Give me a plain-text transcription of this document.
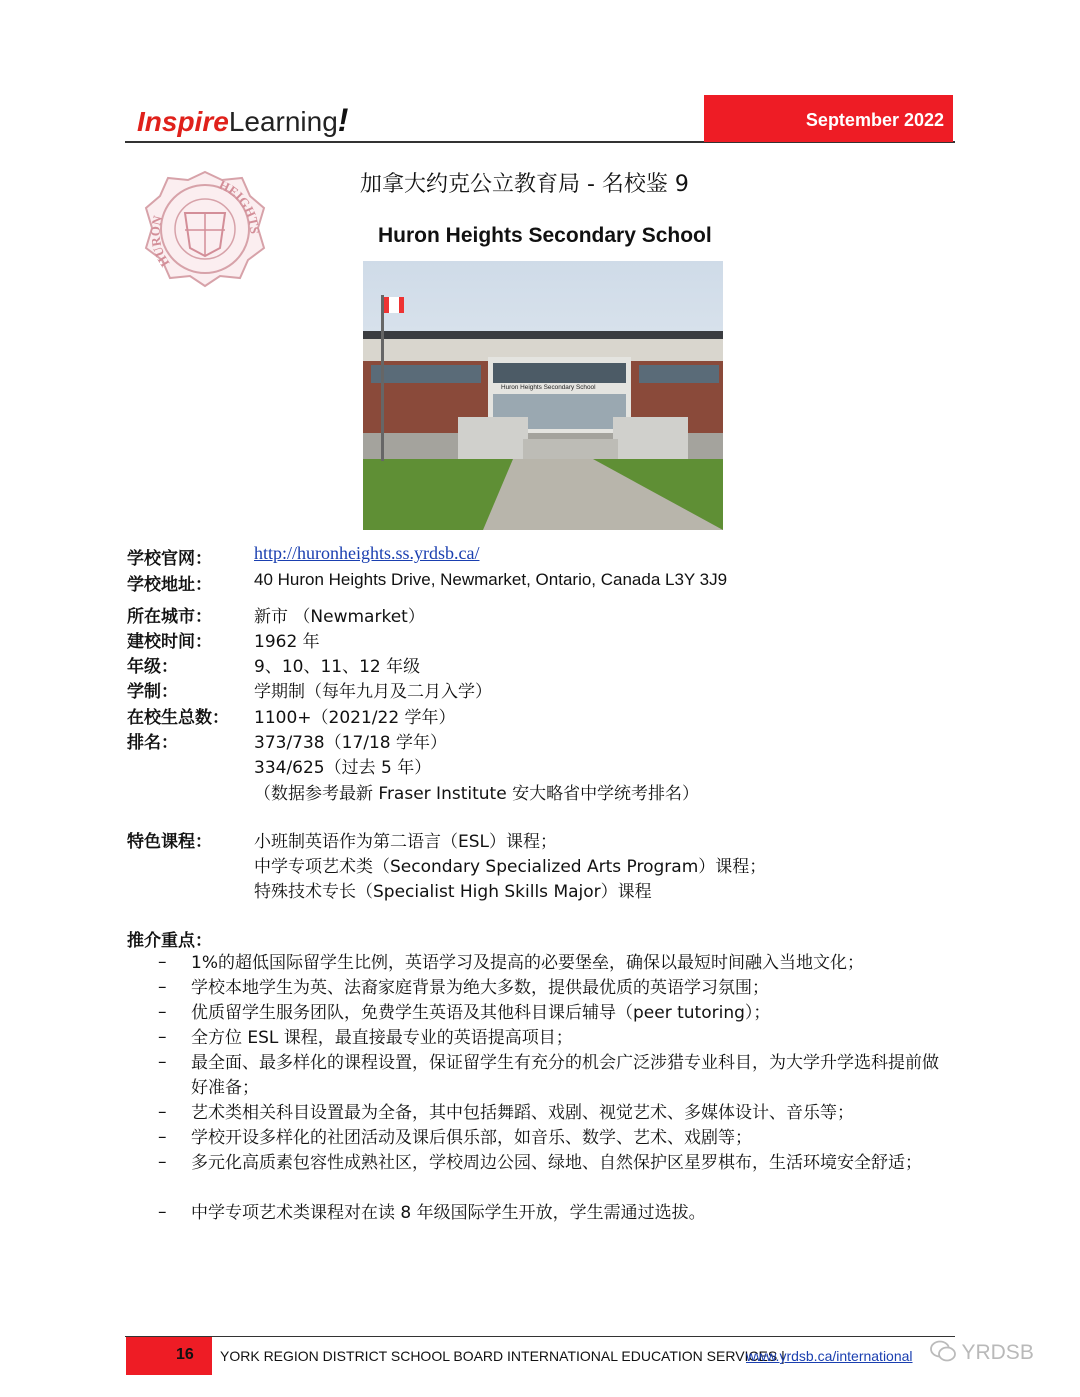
InspireLearning!	September 2022
HURON
HEIGHTS
加拿大约克公立教育局 - 名校鉴 9
Huron Heights Secondary School
Huron Heights Secondary School
学校官网： http://huronheights.ss.yrdsb.ca/
学校地址： 40 Huron Heights Drive, Newmarket, Ontario, Canada L3Y 3J9
所在城市： 新市 （Newmarket）
建校时间： 1962 年
年级：	9、10、11、12 年级
学制：	学期制（每年九月及二月入学）
在校生总数： 1100+（2021/22 学年）
排名：	373/738（17/18 学年）
334/625（过去 5 年）
（数据参考最新 Fraser Institute 安大略省中学统考排名）
特色课程： 小班制英语作为第二语言（ESL）课程；
中学专项艺术类（Secondary Specialized Arts Program）课程；
特殊技术专长（Specialist High Skills Major）课程
推介重点：
– 1%的超低国际留学生比例，英语学习及提高的必要堡垒，确保以最短时间融入当地文化；
– 学校本地学生为英、法裔家庭背景为绝大多数，提供最优质的英语学习氛围；
– 优质留学生服务团队，免费学生英语及其他科目课后辅导（peer tutoring）；
– 全方位 ESL 课程，最直接最专业的英语提高项目；
– 最全面、最多样化的课程设置，保证留学生有充分的机会广泛涉猎专业科目，为大学升学选科提前做好准备；
– 艺术类相关科目设置最为全备，其中包括舞蹈、戏剧、视觉艺术、多媒体设计、音乐等；
– 学校开设多样化的社团活动及课后俱乐部，如音乐、数学、艺术、戏剧等；
– 多元化高质素包容性成熟社区，学校周边公园、绿地、自然保护区星罗棋布，生活环境安全舒适；
– 中学专项艺术类课程对在读 8 年级国际学生开放，学生需通过选拔。
16 YORK REGION DISTRICT SCHOOL BOARD INTERNATIONAL EDUCATION SERVICES |
www.yrdsb.ca/international	YRDSB
